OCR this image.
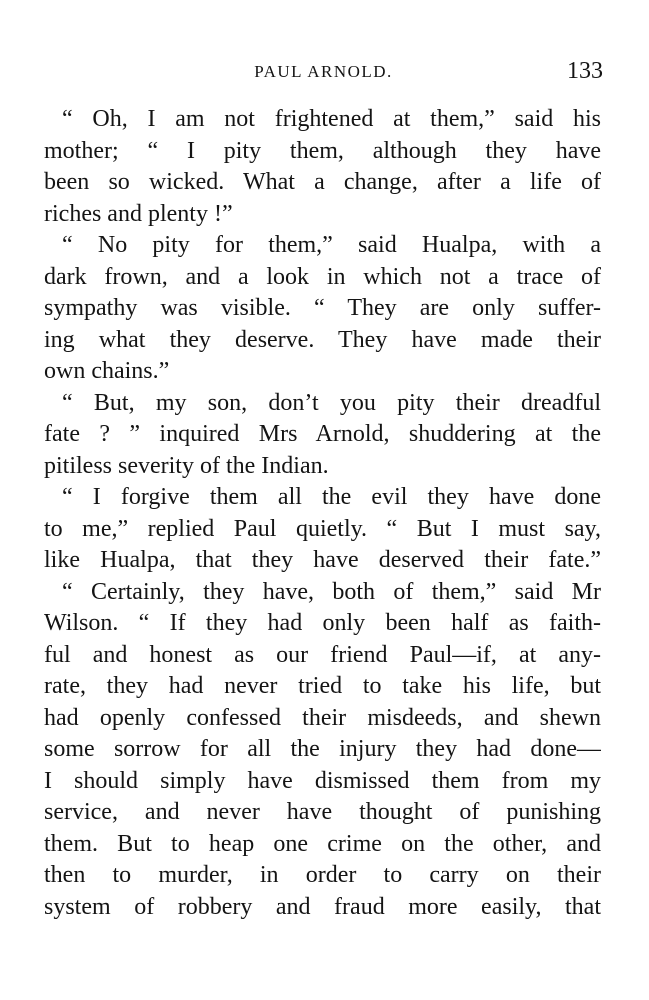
PAUL ARNOLD.	133
“ Oh, I am not frightened at them,” said his
mother; “ I pity them, although they have
been so wicked. What a change, after a life of
riches and plenty !”
“ No pity for them,” said Hualpa, with a
dark frown, and a look in which not a trace of
sympathy was visible. “ They are only suffer-
ing what they deserve. They have made their
own chains.”
“ But, my son, don’t you pity their dreadful
fate ? ” inquired Mrs Arnold, shuddering at the
pitiless severity of the Indian.
“ I forgive them all the evil they have done
to me,” replied Paul quietly. “ But I must say,
like Hualpa, that they have deserved their fate.”
“ Certainly, they have, both of them,” said Mr
Wilson. “ If they had only been half as faith-
ful and honest as our friend Paul—if, at any-
rate, they had never tried to take his life, but
had openly confessed their misdeeds, and shewn
some sorrow for all the injury they had done—
I should simply have dismissed them from my
service, and never have thought of punishing
them. But to heap one crime on the other, and
then to murder, in order to carry on their
system of robbery and fraud more easily, that
